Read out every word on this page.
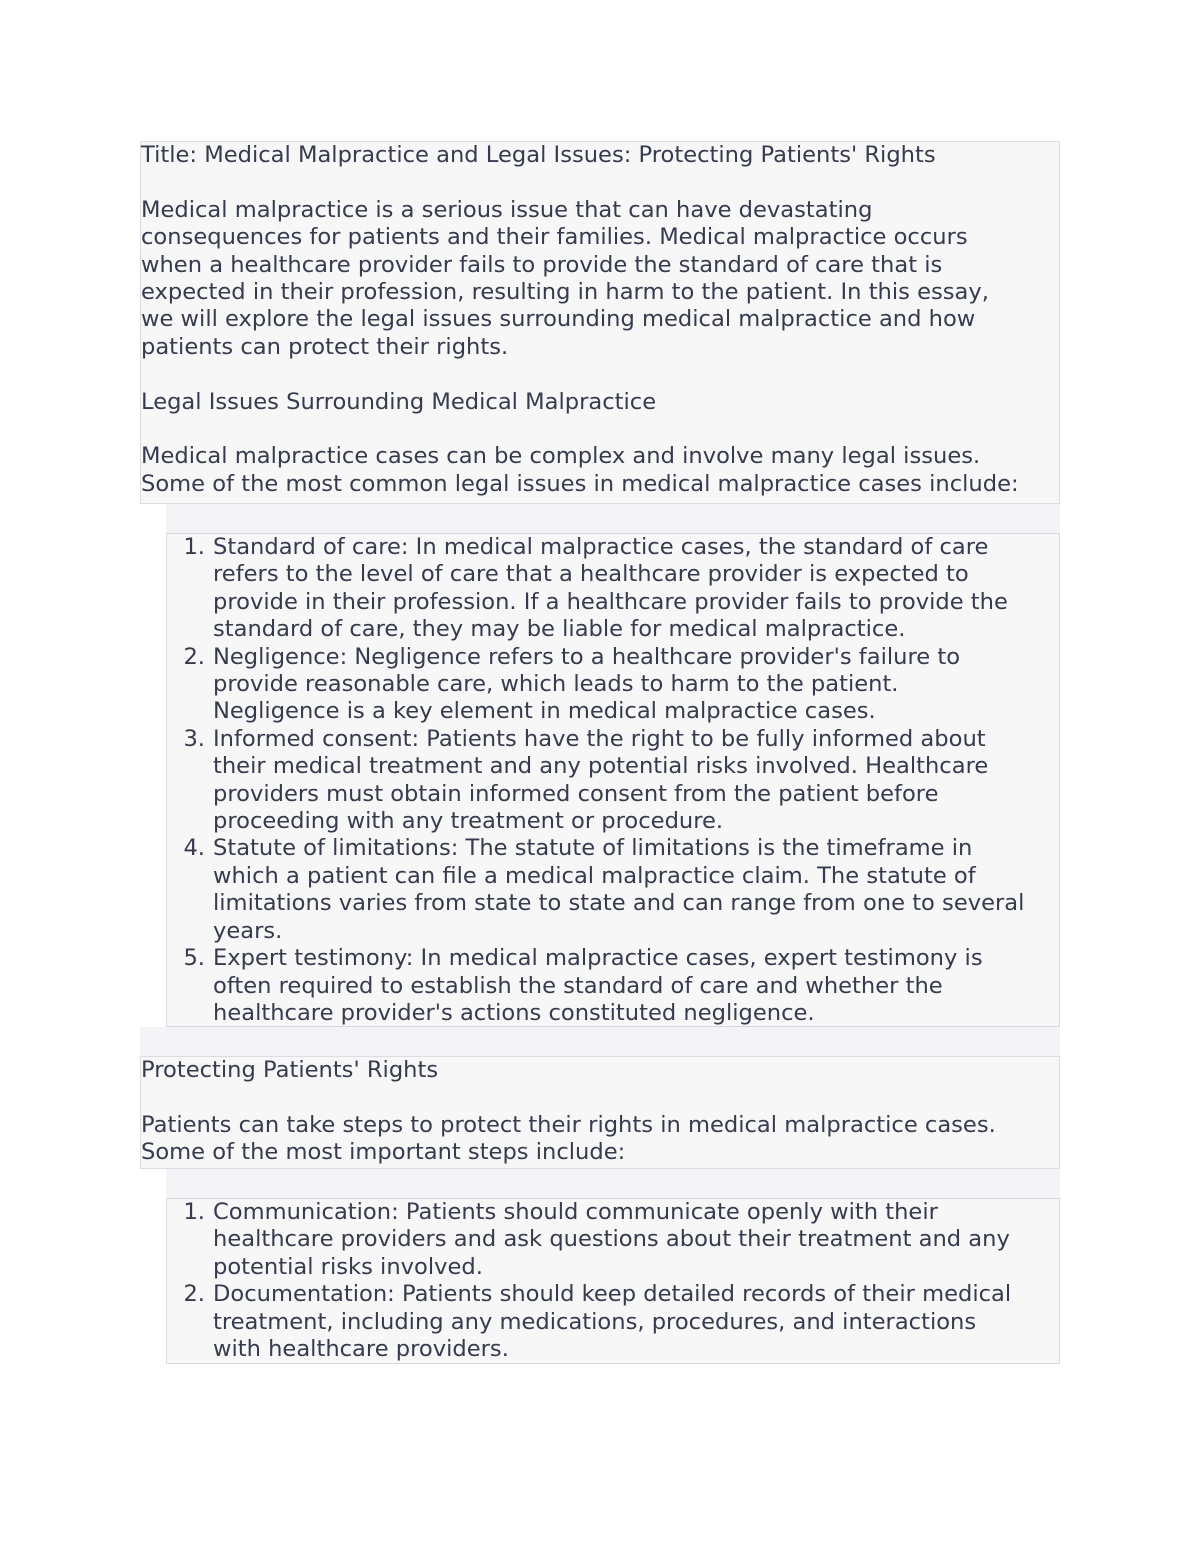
Title: Medical Malpractice and Legal Issues: Protecting Patients' Rights

Medical malpractice is a serious issue that can have devastating
consequences for patients and their families. Medical malpractice occurs
when a healthcare provider fails to provide the standard of care that is
expected in their profession, resulting in harm to the patient. In this essay,
we will explore the legal issues surrounding medical malpractice and how
patients can protect their rights.

Legal Issues Surrounding Medical Malpractice

Medical malpractice cases can be complex and involve many legal issues.
Some of the most common legal issues in medical malpractice cases include:

1. Standard of care: In medical malpractice cases, the standard of care
refers to the level of care that a healthcare provider is expected to
provide in their profession. If a healthcare provider fails to provide the
standard of care, they may be liable for medical malpractice.
2. Negligence: Negligence refers to a healthcare provider's failure to
provide reasonable care, which leads to harm to the patient.
Negligence is a key element in medical malpractice cases.
3. Informed consent: Patients have the right to be fully informed about
their medical treatment and any potential risks involved. Healthcare
providers must obtain informed consent from the patient before
proceeding with any treatment or procedure.
4. Statute of limitations: The statute of limitations is the timeframe in
which a patient can file a medical malpractice claim. The statute of
limitations varies from state to state and can range from one to several
years.
5. Expert testimony: In medical malpractice cases, expert testimony is
often required to establish the standard of care and whether the
healthcare provider's actions constituted negligence.

Protecting Patients' Rights

Patients can take steps to protect their rights in medical malpractice cases.
Some of the most important steps include:

1. Communication: Patients should communicate openly with their
healthcare providers and ask questions about their treatment and any
potential risks involved.
2. Documentation: Patients should keep detailed records of their medical
treatment, including any medications, procedures, and interactions
with healthcare providers.
